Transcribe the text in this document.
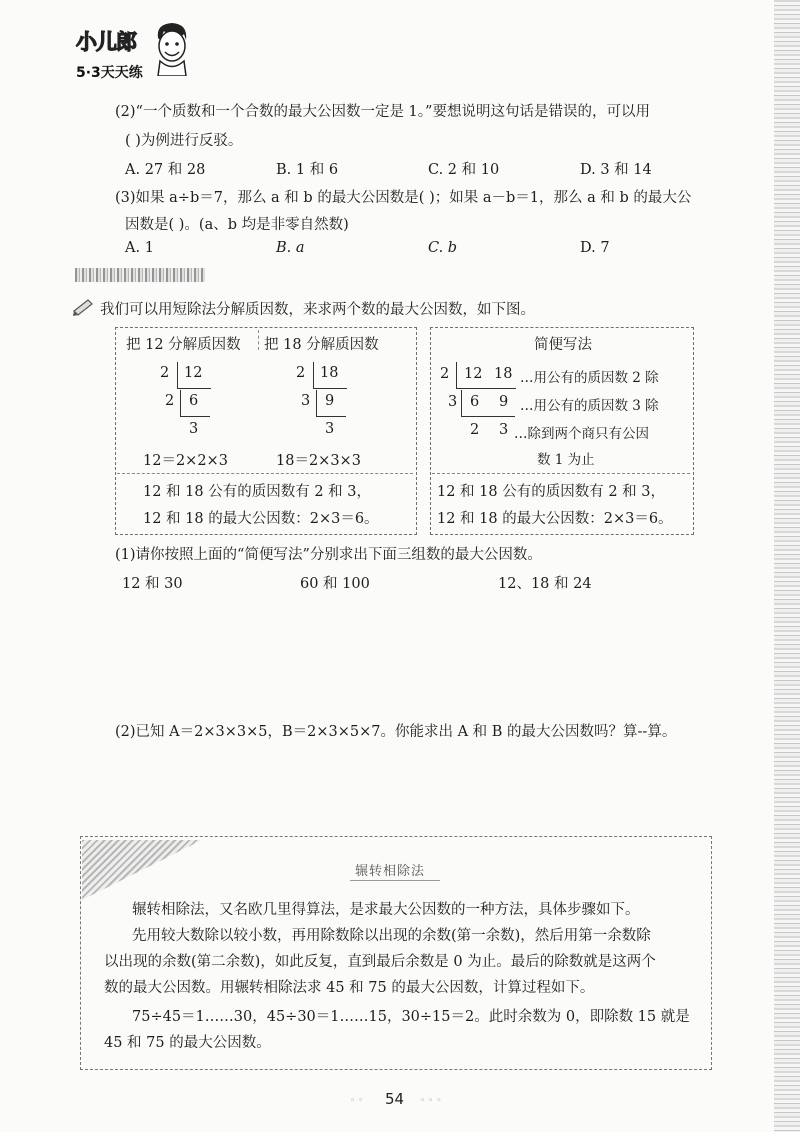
小儿郎
5·3天天练
(2)“一个质数和一个合数的最大公因数一定是 1。”要想说明这句话是错误的，可以用
( )为例进行反驳。
A. 27 和 28	B. 1 和 6	C. 2 和 10	D. 3 和 14
(3)如果 a÷b＝7，那么 a 和 b 的最大公因数是( )；如果 a－b＝1，那么 a 和 b 的最大公
因数是( )。(a、b 均是非零自然数)
A. 1	B. a	C. b	D. 7
我们可以用短除法分解质因数，来求两个数的最大公因数，如下图。
把 12 分解质因数 把 18 分解质因数
2 12
2 6
3
2 18
3 9
3
12＝2×2×3	18＝2×3×3
12 和 18 公有的质因数有 2 和 3，
12 和 18 的最大公因数：2×3＝6。
简便写法
2 12 18 …用公有的质因数 2 除
3 6 9 …用公有的质因数 3 除
2 3 …除到两个商只有公因
数 1 为止
12 和 18 公有的质因数有 2 和 3，
12 和 18 的最大公因数：2×3＝6。
(1)请你按照上面的“简便写法”分别求出下面三组数的最大公因数。
12 和 30	60 和 100	12、18 和 24
(2)已知 A＝2×3×3×5，B＝2×3×5×7。你能求出 A 和 B 的最大公因数吗？算--算。
辗转相除法
辗转相除法，又名欧几里得算法，是求最大公因数的一种方法，具体步骤如下。
先用较大数除以较小数，再用除数除以出现的余数(第一余数)，然后用第一余数除
以出现的余数(第二余数)，如此反复，直到最后余数是 0 为止。最后的除数就是这两个
数的最大公因数。用辗转相除法求 45 和 75 的最大公因数，计算过程如下。
75÷45＝1……30，45÷30＝1……15，30÷15＝2。此时余数为 0，即除数 15 就是
45 和 75 的最大公因数。
◦ ◦ 54 ◦ ◦ ◦
